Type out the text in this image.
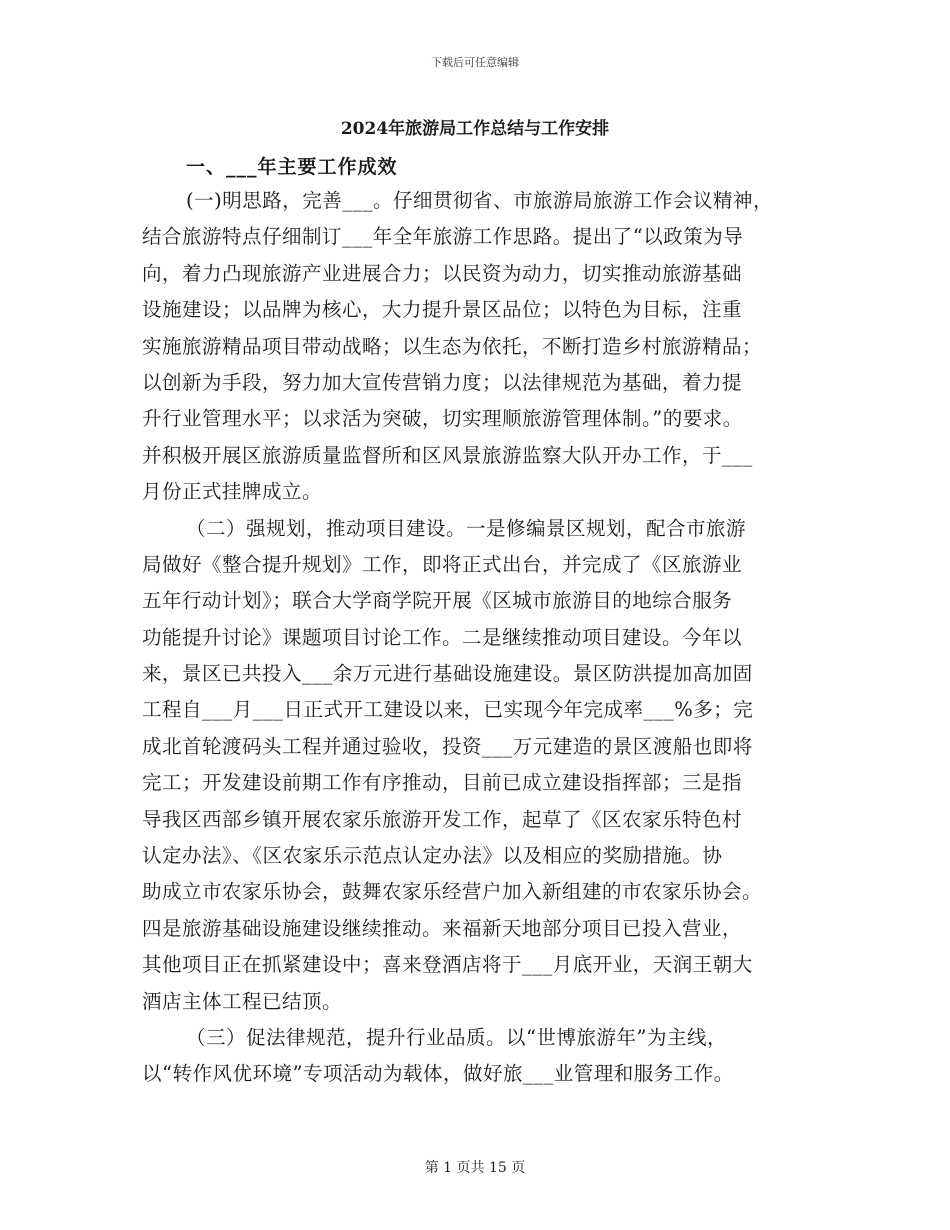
下载后可任意编辑
2024年旅游局工作总结与工作安排
一、___年主要工作成效
(一)明思路，完善___。仔细贯彻省、市旅游局旅游工作会议精神，
结合旅游特点仔细制订___年全年旅游工作思路。提出了“以政策为导
向，着力凸现旅游产业进展合力；以民资为动力，切实推动旅游基础
设施建设；以品牌为核心，大力提升景区品位；以特色为目标，注重
实施旅游精品项目带动战略；以生态为依托，不断打造乡村旅游精品；
以创新为手段，努力加大宣传营销力度；以法律规范为基础，着力提
升行业管理水平；以求活为突破，切实理顺旅游管理体制。”的要求。
并积极开展区旅游质量监督所和区风景旅游监察大队开办工作，于___
月份正式挂牌成立。
（二）强规划，推动项目建设。一是修编景区规划，配合市旅游
局做好《整合提升规划》工作，即将正式出台，并完成了《区旅游业
五年行动计划》；联合大学商学院开展《区城市旅游目的地综合服务
功能提升讨论》课题项目讨论工作。二是继续推动项目建设。今年以
来，景区已共投入___余万元进行基础设施建设。景区防洪提加高加固
工程自___月___日正式开工建设以来，已实现今年完成率___%多；完
成北首轮渡码头工程并通过验收，投资___万元建造的景区渡船也即将
完工；开发建设前期工作有序推动，目前已成立建设指挥部；三是指
导我区西部乡镇开展农家乐旅游开发工作，起草了《区农家乐特色村
认定办法》、《区农家乐示范点认定办法》以及相应的奖励措施。协
助成立市农家乐协会，鼓舞农家乐经营户加入新组建的市农家乐协会。
四是旅游基础设施建设继续推动。来福新天地部分项目已投入营业，
其他项目正在抓紧建设中；喜来登酒店将于___月底开业，天润王朝大
酒店主体工程已结顶。
（三）促法律规范，提升行业品质。以“世博旅游年”为主线，
以“转作风优环境”专项活动为载体，做好旅___业管理和服务工作。
第 1 页共 15 页
